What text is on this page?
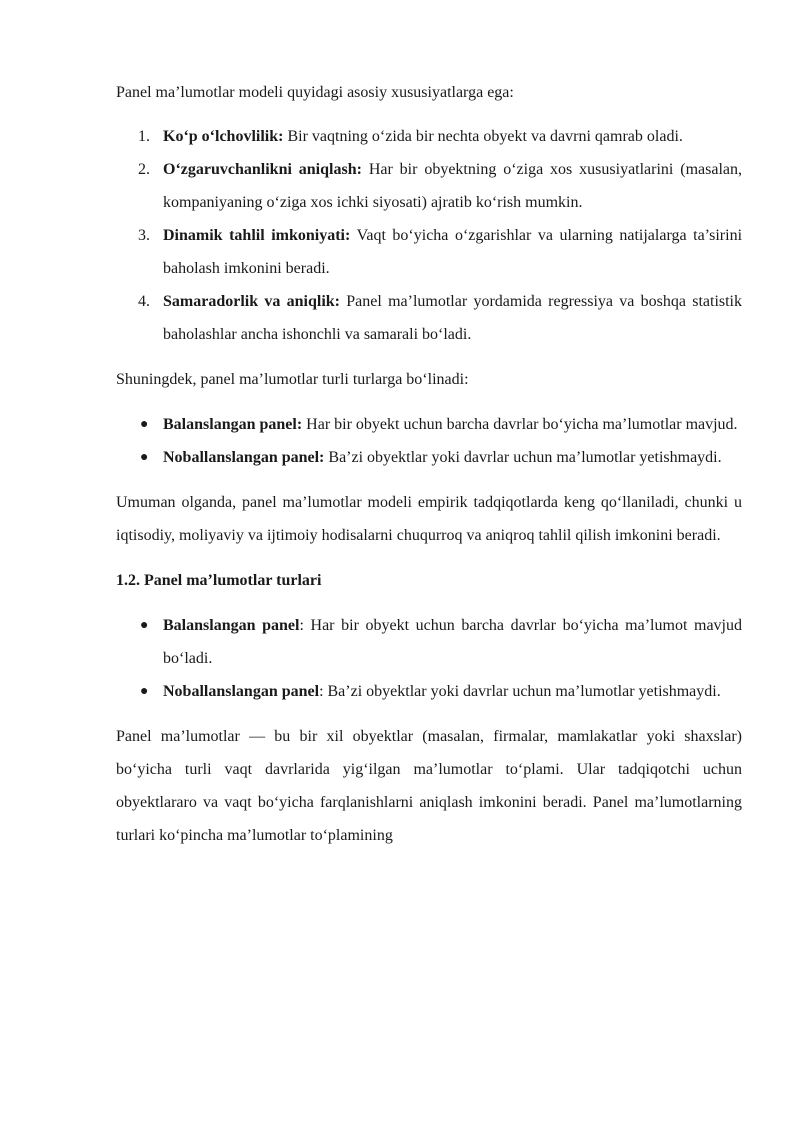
Panel ma’lumotlar modeli quyidagi asosiy xususiyatlarga ega:

1. Ko‘p o‘lchovlilik: Bir vaqtning o‘zida bir nechta obyekt va davrni qamrab oladi.
2. O‘zgaruvchanlikni aniqlash: Har bir obyektning o‘ziga xos xususiyatlarini (masalan, kompaniyaning o‘ziga xos ichki siyosati) ajratib ko‘rish mumkin.
3. Dinamik tahlil imkoniyati: Vaqt bo‘yicha o‘zgarishlar va ularning natijalarga ta’sirini baholash imkonini beradi.
4. Samaradorlik va aniqlik: Panel ma’lumotlar yordamida regressiya va boshqa statistik baholashlar ancha ishonchli va samarali bo‘ladi.

Shuningdek, panel ma’lumotlar turli turlarga bo‘linadi:

● Balanslangan panel: Har bir obyekt uchun barcha davrlar bo‘yicha ma’lumotlar mavjud.
● Noballanslangan panel: Ba’zi obyektlar yoki davrlar uchun ma’lumotlar yetishmaydi.

Umuman olganda, panel ma’lumotlar modeli empirik tadqiqotlarda keng qo‘llaniladi, chunki u iqtisodiy, moliyaviy va ijtimoiy hodisalarni chuqurroq va aniqroq tahlil qilish imkonini beradi.

1.2. Panel ma’lumotlar turlari

● Balanslangan panel: Har bir obyekt uchun barcha davrlar bo‘yicha ma’lumot mavjud bo‘ladi.
● Noballanslangan panel: Ba’zi obyektlar yoki davrlar uchun ma’lumotlar yetishmaydi.

Panel ma’lumotlar — bu bir xil obyektlar (masalan, firmalar, mamlakatlar yoki shaxslar) bo‘yicha turli vaqt davrlarida yig‘ilgan ma’lumotlar to‘plami. Ular tadqiqotchi uchun obyektlararo va vaqt bo‘yicha farqlanishlarni aniqlash imkonini beradi. Panel ma’lumotlarning turlari ko‘pincha ma’lumotlar to‘plamining
